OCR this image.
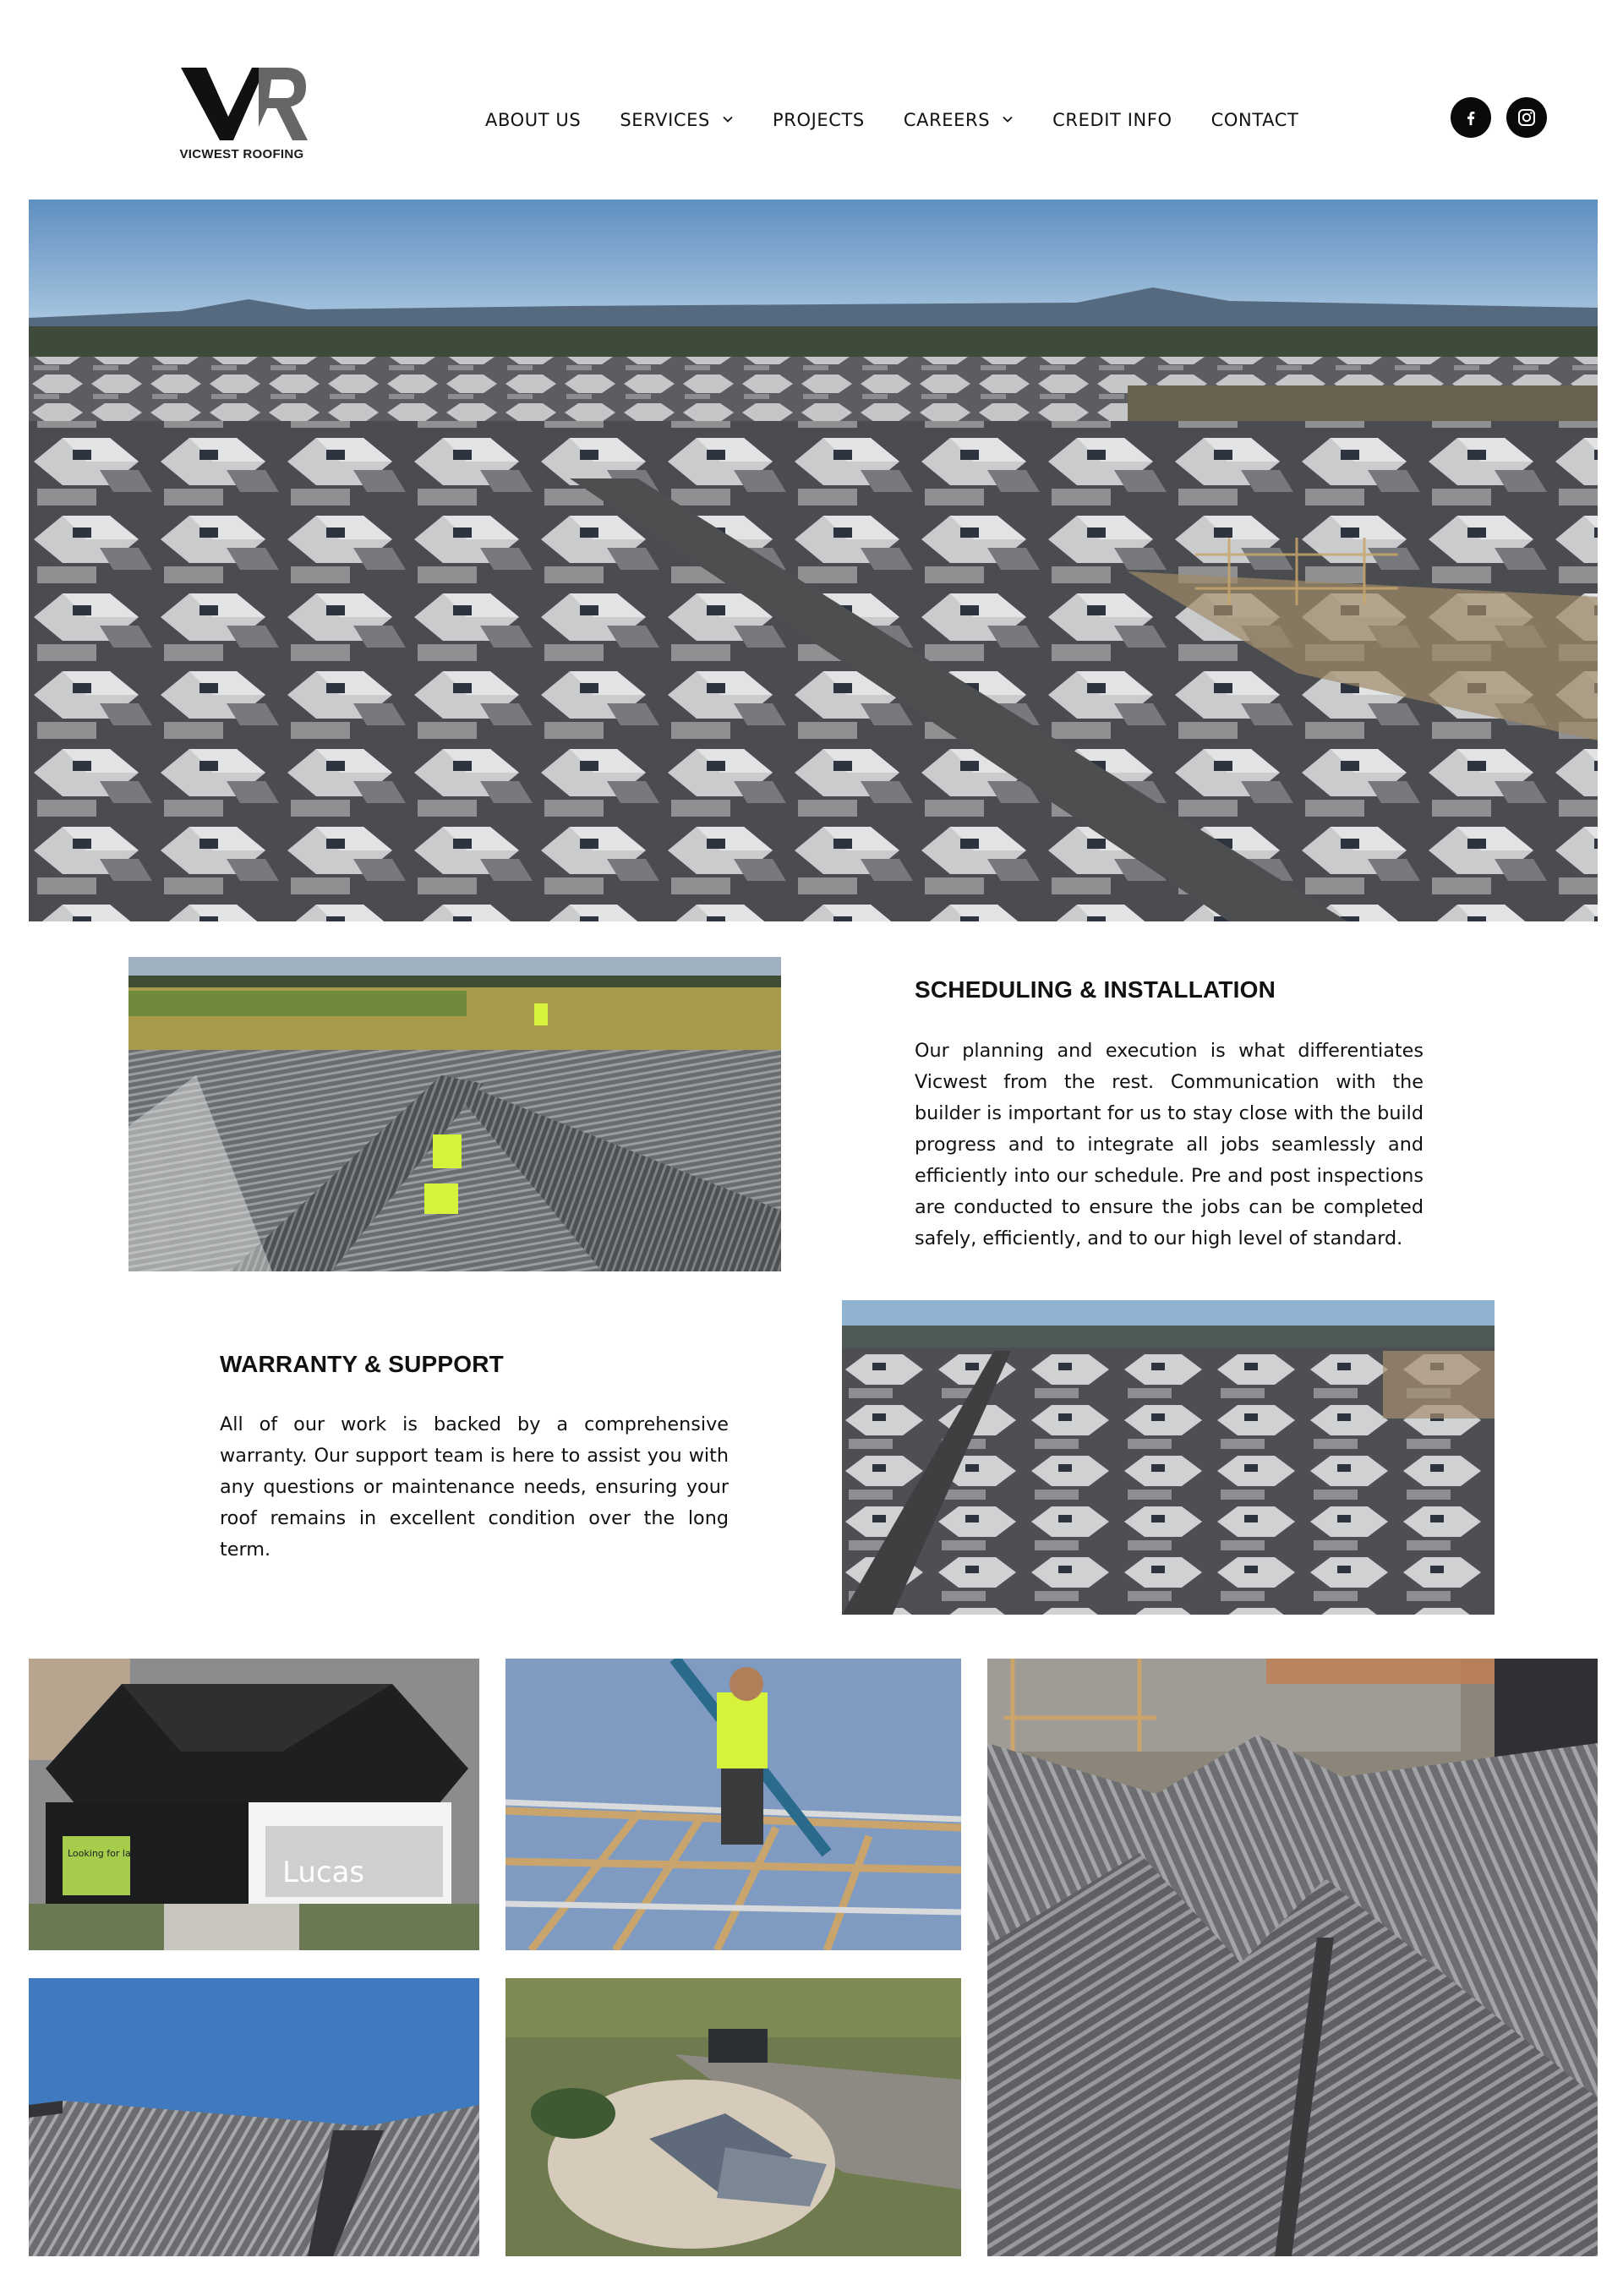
VICWEST ROOFING
ABOUT US SERVICES	PROJECTS CAREERS	CREDIT INFO CONTACT
SCHEDULING & INSTALLATION
Our planning and execution is what differentiates Vicwest from the rest. Communication with the builder is important for us to stay close with the build progress and to integrate all jobs seamlessly and efficiently into our schedule. Pre and post inspections are conducted to ensure the jobs can be completed safely, efficiently, and to our high level of standard.
WARRANTY & SUPPORT
All of our work is backed by a comprehensive warranty. Our support team is here to assist you with any questions or maintenance needs, ensuring your roof remains in excellent condition over the long term.
Lucas
Looking for land?
